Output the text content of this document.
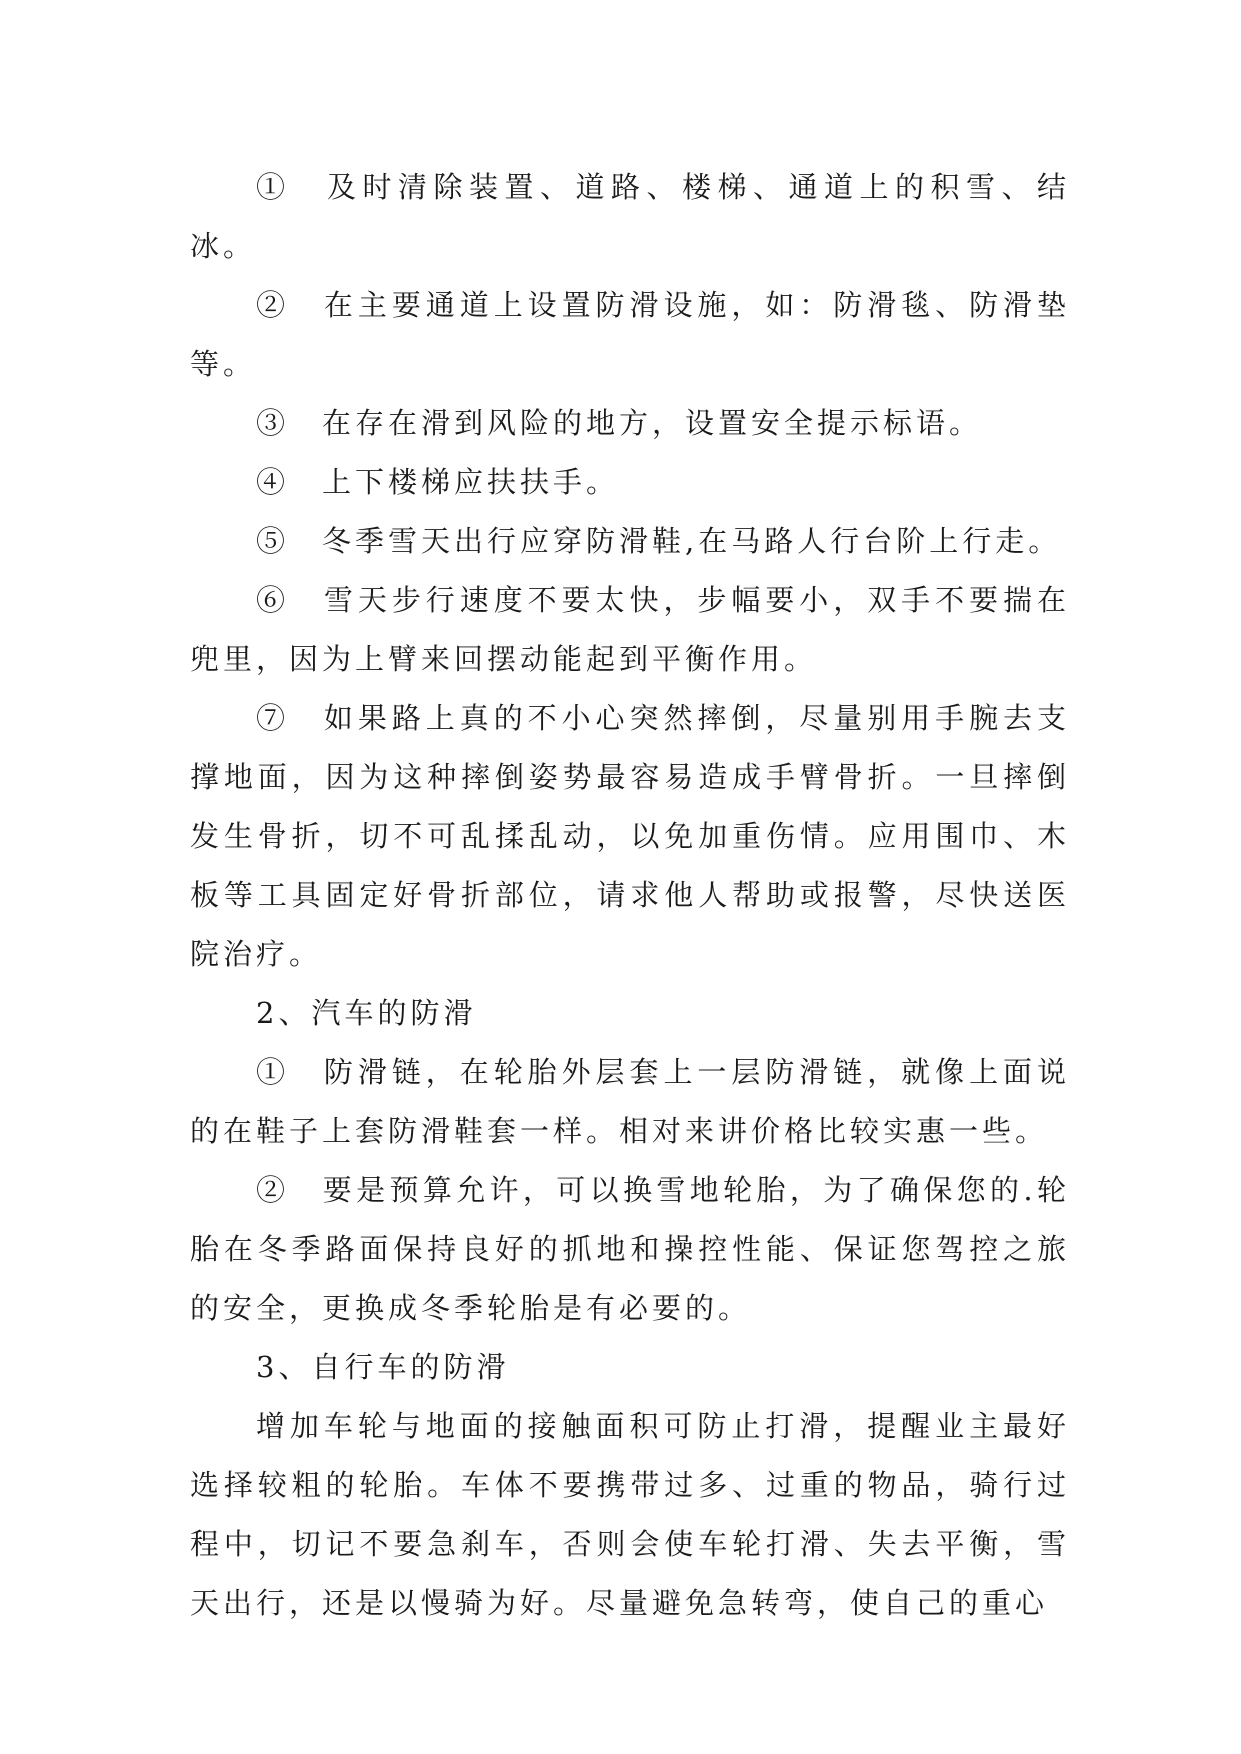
①　及时清除装置、道路、楼梯、通道上的积雪、结冰。

②　在主要通道上设置防滑设施，如：防滑毯、防滑垫等。

③　在存在滑到风险的地方，设置安全提示标语。

④　上下楼梯应扶扶手。

⑤　冬季雪天出行应穿防滑鞋,在马路人行台阶上行走。

⑥　雪天步行速度不要太快，步幅要小，双手不要揣在兜里，因为上臂来回摆动能起到平衡作用。

⑦　如果路上真的不小心突然摔倒，尽量别用手腕去支撑地面，因为这种摔倒姿势最容易造成手臂骨折。一旦摔倒发生骨折，切不可乱揉乱动，以免加重伤情。应用围巾、木板等工具固定好骨折部位，请求他人帮助或报警，尽快送医院治疗。

2、汽车的防滑

①　防滑链，在轮胎外层套上一层防滑链，就像上面说的在鞋子上套防滑鞋套一样。相对来讲价格比较实惠一些。

②　要是预算允许，可以换雪地轮胎，为了确保您的.轮胎在冬季路面保持良好的抓地和操控性能、保证您驾控之旅的安全，更换成冬季轮胎是有必要的。

3、自行车的防滑

增加车轮与地面的接触面积可防止打滑，提醒业主最好选择较粗的轮胎。车体不要携带过多、过重的物品，骑行过程中，切记不要急刹车，否则会使车轮打滑、失去平衡，雪天出行，还是以慢骑为好。尽量避免急转弯，使自己的重心
